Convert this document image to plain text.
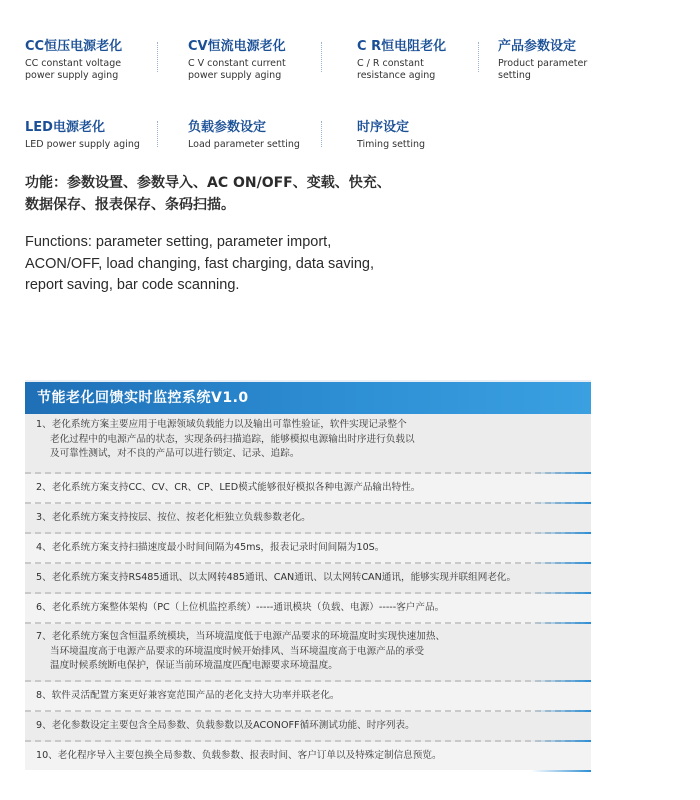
CC恒压电源老化
CC constant voltage
power supply aging
CV恒流电源老化
C V constant current
power supply aging
C R恒电阻老化
C / R constant
resistance aging
产品参数设定
Product parameter
setting
LED电源老化
LED power supply aging
负载参数设定
Load parameter setting
时序设定
Timing setting

功能：参数设置、参数导入、AC ON/OFF、变载、快充、
数据保存、报表保存、条码扫描。

Functions: parameter setting, parameter import,
ACON/OFF, load changing, fast charging, data saving,
report saving, bar code scanning.

节能老化回馈实时监控系统V1.0
1、老化系统方案主要应用于电源领域负载能力以及输出可靠性验证，软件实现记录整个
老化过程中的电源产品的状态，实现条码扫描追踪，能够模拟电源输出时序进行负载以
及可靠性测试，对不良的产品可以进行锁定、记录、追踪。
2、老化系统方案支持CC、CV、CR、CP、LED模式能够很好模拟各种电源产品输出特性。
3、老化系统方案支持按层、按位、按老化柜独立负载参数老化。
4、老化系统方案支持扫描速度最小时间间隔为45ms，报表记录时间间隔为10S。
5、老化系统方案支持RS485通讯、以太网转485通讯、CAN通讯、以太网转CAN通讯，能够实现并联组网老化。
6、老化系统方案整体架构（PC（上位机监控系统）-----通讯模块（负载、电源）-----客户产品。
7、老化系统方案包含恒温系统模块，当环境温度低于电源产品要求的环境温度时实现快速加热、
当环境温度高于电源产品要求的环境温度时候开始排风、当环境温度高于电源产品的承受
温度时候系统断电保护，保证当前环境温度匹配电源要求环境温度。
8、软件灵活配置方案更好兼容宽范围产品的老化支持大功率并联老化。
9、老化参数设定主要包含全局参数、负载参数以及ACONOFF循环测试功能、时序列表。
10、老化程序导入主要包换全局参数、负载参数、报表时间、客户订单以及特殊定制信息预览。
